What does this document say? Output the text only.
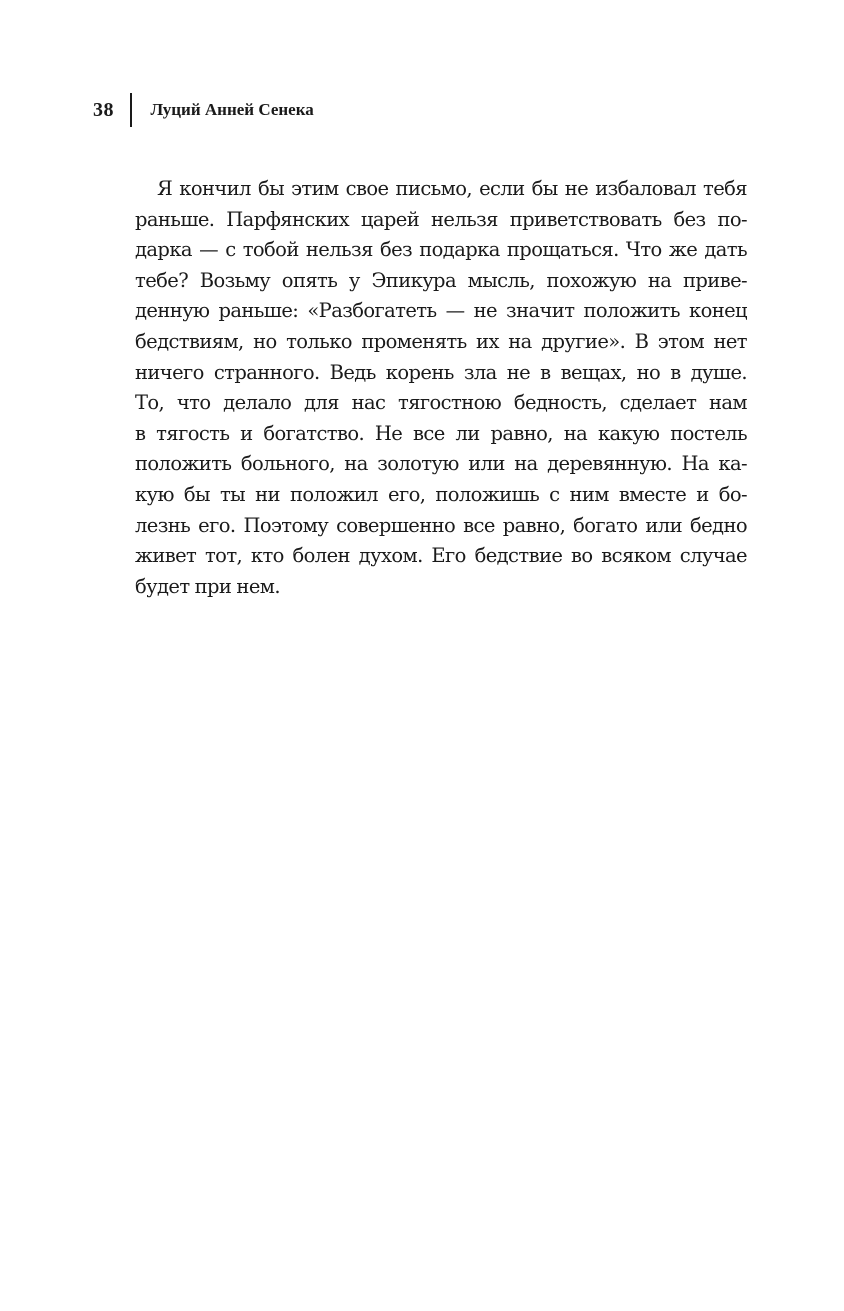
38 Луций Анней Сенека

Я кончил бы этим свое письмо, если бы не избаловал тебя
раньше. Парфянских царей нельзя приветствовать без по-
дарка — с тобой нельзя без подарка прощаться. Что же дать
тебе? Возьму опять у Эпикура мысль, похожую на приве-
денную раньше: «Разбогатеть — не значит положить конец
бедствиям, но только променять их на другие». В этом нет
ничего странного. Ведь корень зла не в вещах, но в душе.
То, что делало для нас тягостною бедность, сделает нам
в тягость и богатство. Не все ли равно, на какую постель
положить больного, на золотую или на деревянную. На ка-
кую бы ты ни положил его, положишь с ним вместе и бо-
лезнь его. Поэтому совершенно все равно, богато или бедно
живет тот, кто болен духом. Его бедствие во всяком случае
будет при нем.
